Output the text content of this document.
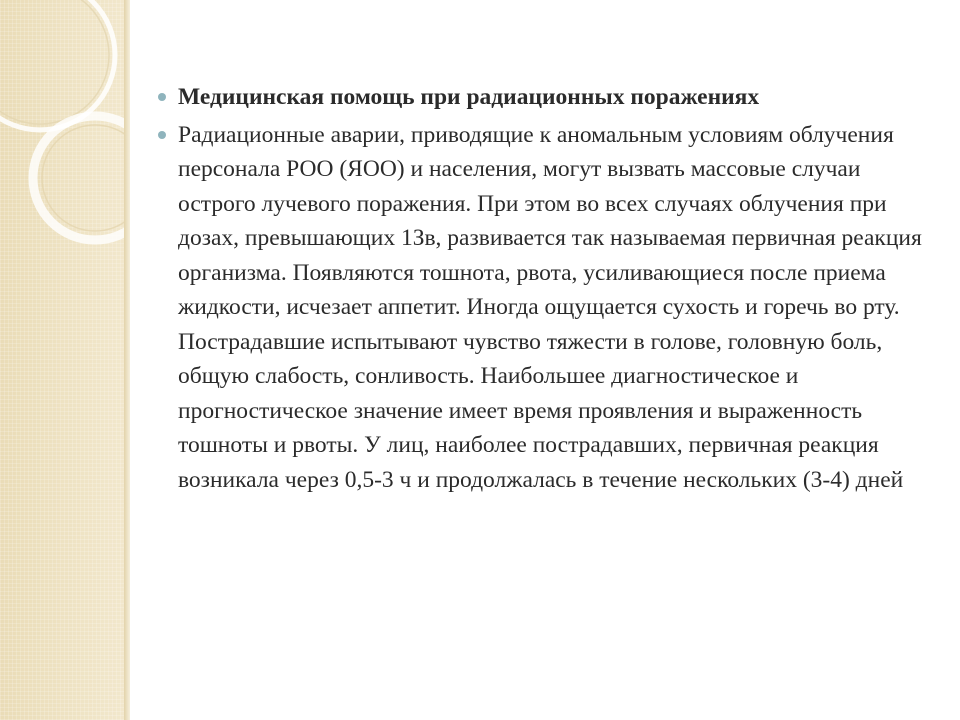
Медицинская помощь при радиационных поражениях
Радиационные аварии, приводящие к аномальным условиям облучения персонала РОО (ЯОО) и населения, могут вызвать массовые случаи острого лучевого поражения. При этом во всех случаях облучения при дозах, превышающих 1Зв, развивается так называемая первичная реакция организма. Появляются тошнота, рвота, усиливающиеся после приема жидкости, исчезает аппетит. Иногда ощущается сухость и горечь во рту. Пострадавшие испытывают чувство тяжести в голове, головную боль, общую слабость, сонливость. Наибольшее диагностическое и прогностическое значение имеет время проявления и выраженность тошноты и рвоты. У лиц, наиболее пострадавших, первичная реакция возникала через 0,5-3 ч и продолжалась в течение нескольких (3-4) дней
